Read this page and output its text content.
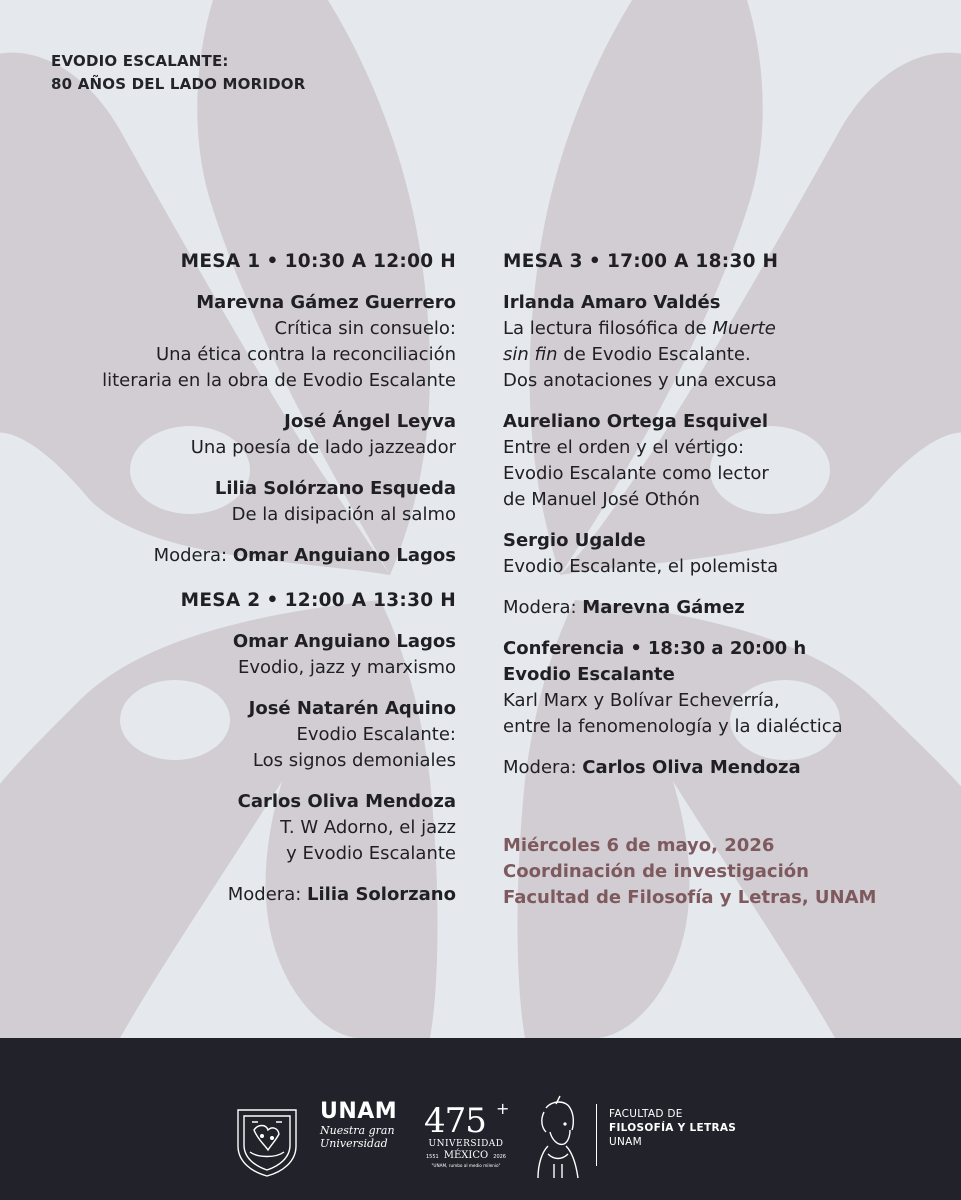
EVODIO ESCALANTE:
80 AÑOS DEL LADO MORIDOR
MESA 1 • 10:30 A 12:00 H
Marevna Gámez Guerrero
Crítica sin consuelo:
Una ética contra la reconciliación
literaria en la obra de Evodio Escalante
José Ángel Leyva
Una poesía de lado jazzeador
Lilia Solórzano Esqueda
De la disipación al salmo
Modera: Omar Anguiano Lagos
MESA 2 • 12:00 A 13:30 H
Omar Anguiano Lagos
Evodio, jazz y marxismo
José Natarén Aquino
Evodio Escalante:
Los signos demoniales
Carlos Oliva Mendoza
T. W Adorno, el jazz
y Evodio Escalante
Modera: Lilia Solorzano
MESA 3 • 17:00 A 18:30 H
Irlanda Amaro Valdés
La lectura filosófica de Muerte
sin fin de Evodio Escalante.
Dos anotaciones y una excusa
Aureliano Ortega Esquivel
Entre el orden y el vértigo:
Evodio Escalante como lector
de Manuel José Othón
Sergio Ugalde
Evodio Escalante, el polemista
Modera: Marevna Gámez
Conferencia • 18:30 a 20:00 h
Evodio Escalante
Karl Marx y Bolívar Echeverría,
entre la fenomenología y la dialéctica
Modera: Carlos Oliva Mendoza
Miércoles 6 de mayo, 2026
Coordinación de investigación
Facultad de Filosofía y Letras, UNAM
UNAM
Nuestra gran
Universidad
475 +
UNIVERSIDAD
1551 MÉXICO 2026
"UNAM, rumbo al medio milenio"
FACULTAD DE
FILOSOFÍA Y LETRAS
UNAM
